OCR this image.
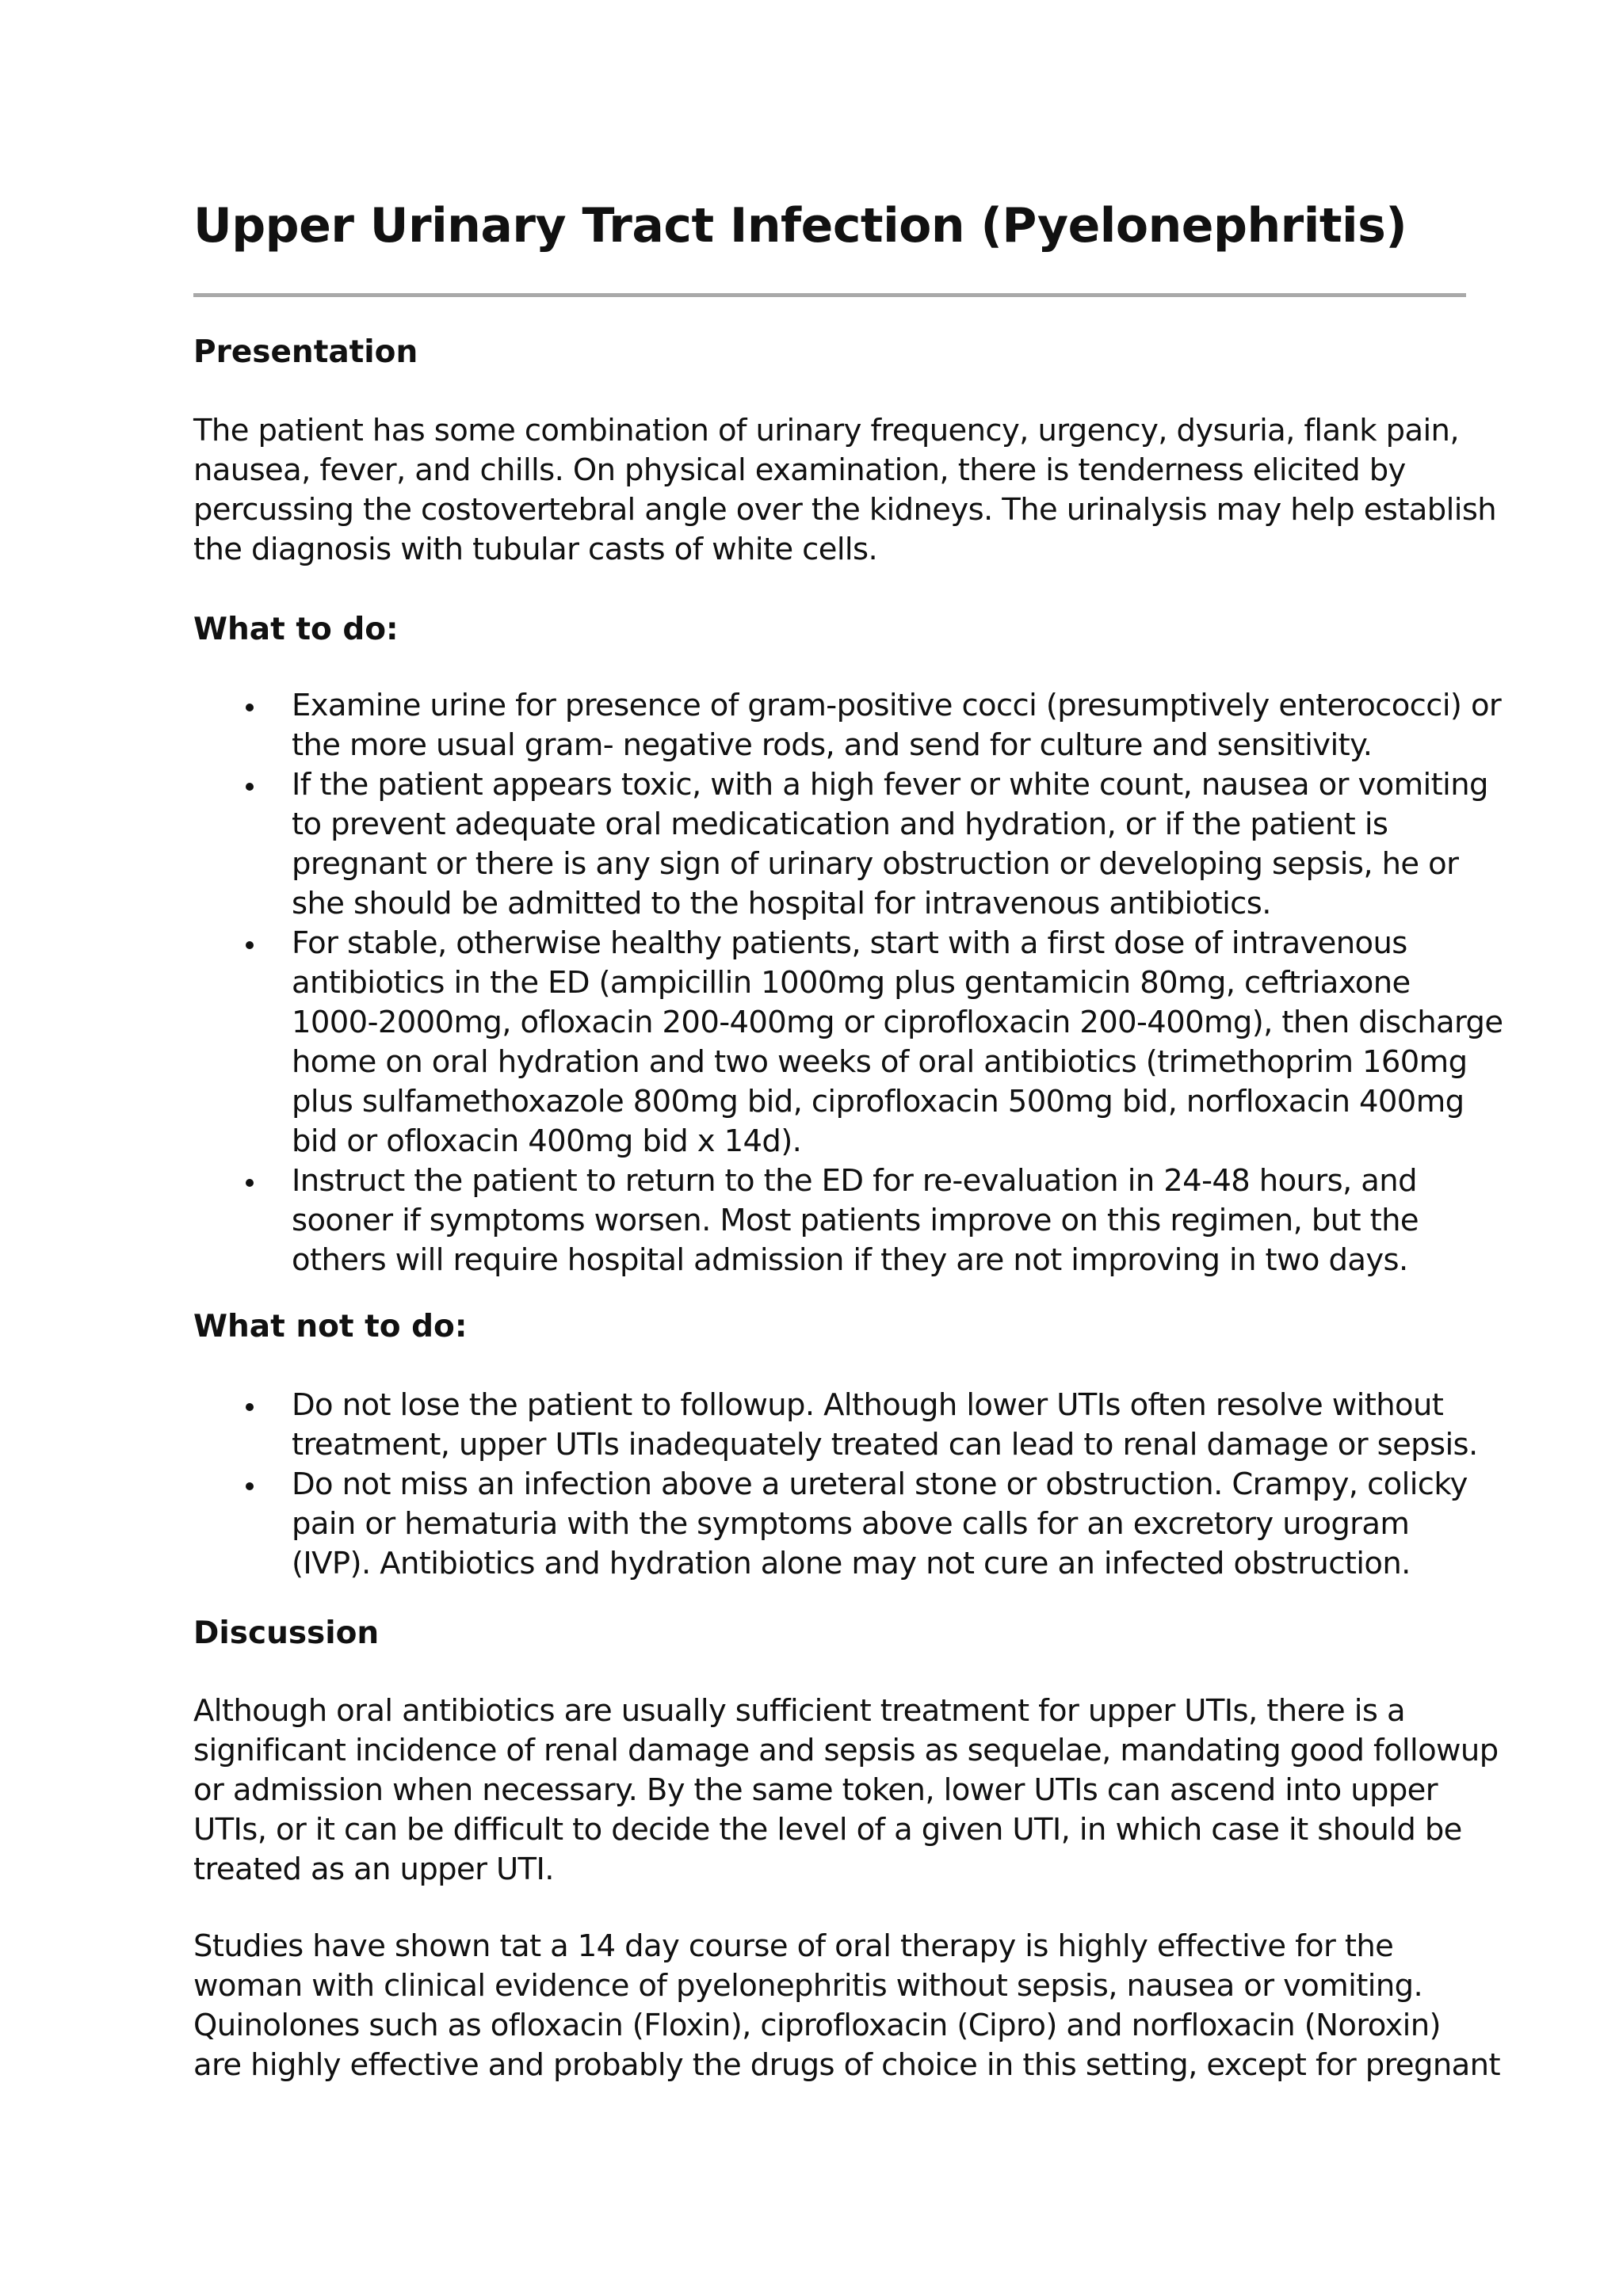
Upper Urinary Tract Infection (Pyelonephritis)
Presentation

The patient has some combination of urinary frequency, urgency, dysuria, flank pain,
nausea, fever, and chills. On physical examination, there is tenderness elicited by
percussing the costovertebral angle over the kidneys. The urinalysis may help establish
the diagnosis with tubular casts of white cells.

What to do:
Examine urine for presence of gram-positive cocci (presumptively enterococci) or
the more usual gram- negative rods, and send for culture and sensitivity.
If the patient appears toxic, with a high fever or white count, nausea or vomiting
to prevent adequate oral medicatication and hydration, or if the patient is
pregnant or there is any sign of urinary obstruction or developing sepsis, he or
she should be admitted to the hospital for intravenous antibiotics.
For stable, otherwise healthy patients, start with a first dose of intravenous
antibiotics in the ED (ampicillin 1000mg plus gentamicin 80mg, ceftriaxone
1000-2000mg, ofloxacin 200-400mg or ciprofloxacin 200-400mg), then discharge
home on oral hydration and two weeks of oral antibiotics (trimethoprim 160mg
plus sulfamethoxazole 800mg bid, ciprofloxacin 500mg bid, norfloxacin 400mg
bid or ofloxacin 400mg bid x 14d).
Instruct the patient to return to the ED for re-evaluation in 24-48 hours, and
sooner if symptoms worsen. Most patients improve on this regimen, but the
others will require hospital admission if they are not improving in two days.
What not to do:
Do not lose the patient to followup. Although lower UTIs often resolve without
treatment, upper UTIs inadequately treated can lead to renal damage or sepsis.
Do not miss an infection above a ureteral stone or obstruction. Crampy, colicky
pain or hematuria with the symptoms above calls for an excretory urogram
(IVP). Antibiotics and hydration alone may not cure an infected obstruction.
Discussion

Although oral antibiotics are usually sufficient treatment for upper UTIs, there is a
significant incidence of renal damage and sepsis as sequelae, mandating good followup
or admission when necessary. By the same token, lower UTIs can ascend into upper
UTIs, or it can be difficult to decide the level of a given UTI, in which case it should be
treated as an upper UTI.

Studies have shown tat a 14 day course of oral therapy is highly effective for the
woman with clinical evidence of pyelonephritis without sepsis, nausea or vomiting.
Quinolones such as ofloxacin (Floxin), ciprofloxacin (Cipro) and norfloxacin (Noroxin)
are highly effective and probably the drugs of choice in this setting, except for pregnant
